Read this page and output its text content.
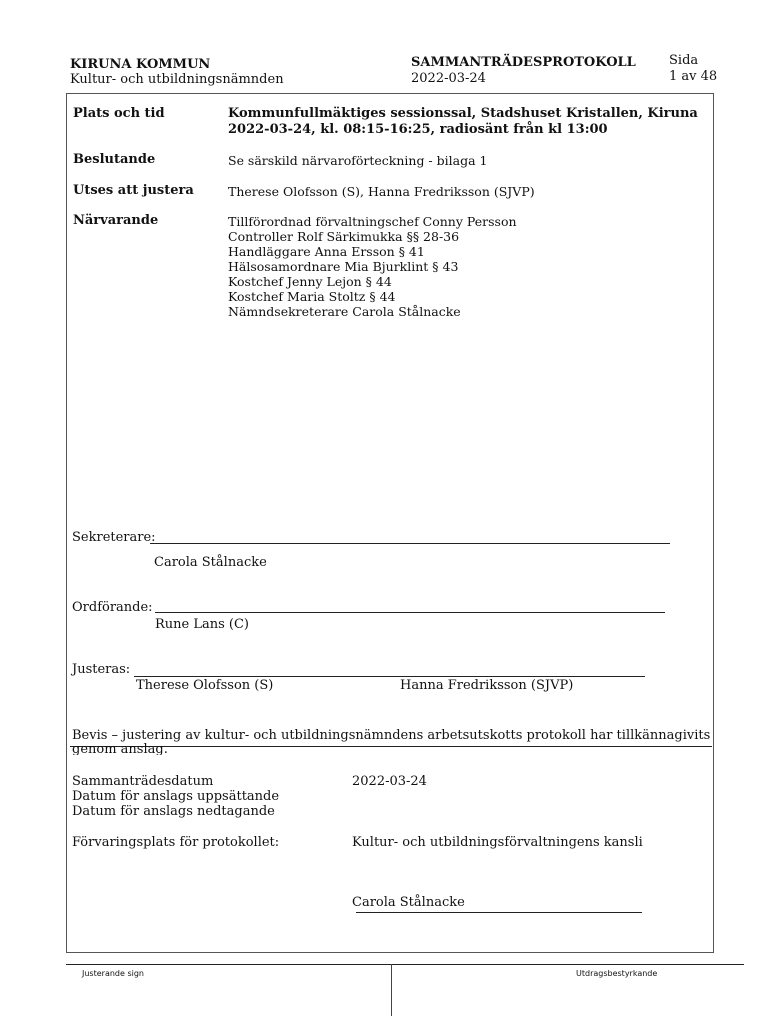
KIRUNA KOMMUN
Kultur- och utbildningsnämnden
SAMMANTRÄDESPROTOKOLL
2022-03-24
Sida
1 av 48
Plats och tid	Kommunfullmäktiges sessionssal, Stadshuset Kristallen, Kiruna
2022-03-24, kl. 08:15-16:25, radiosänt från kl 13:00
Beslutande	Se särskild närvaroförteckning - bilaga 1
Utses att justera	Therese Olofsson (S), Hanna Fredriksson (SJVP)
Närvarande	Tillförordnad förvaltningschef Conny Persson
Controller Rolf Särkimukka §§ 28-36
Handläggare Anna Ersson § 41
Hälsosamordnare Mia Bjurklint § 43
Kostchef Jenny Lejon § 44
Kostchef Maria Stoltz § 44
Nämndsekreterare Carola Stålnacke
Sekreterare:
Carola Stålnacke
Ordförande:
Rune Lans (C)
Justeras:
Therese Olofsson (S)	Hanna Fredriksson (SJVP)
Bevis – justering av kultur- och utbildningsnämndens arbetsutskotts protokoll har tillkännagivits
genom anslag.
Sammanträdesdatum	2022-03-24
Datum för anslags uppsättande
Datum för anslags nedtagande
Förvaringsplats för protokollet:	Kultur- och utbildningsförvaltningens kansli
Carola Stålnacke
Justerande sign	Utdragsbestyrkande
